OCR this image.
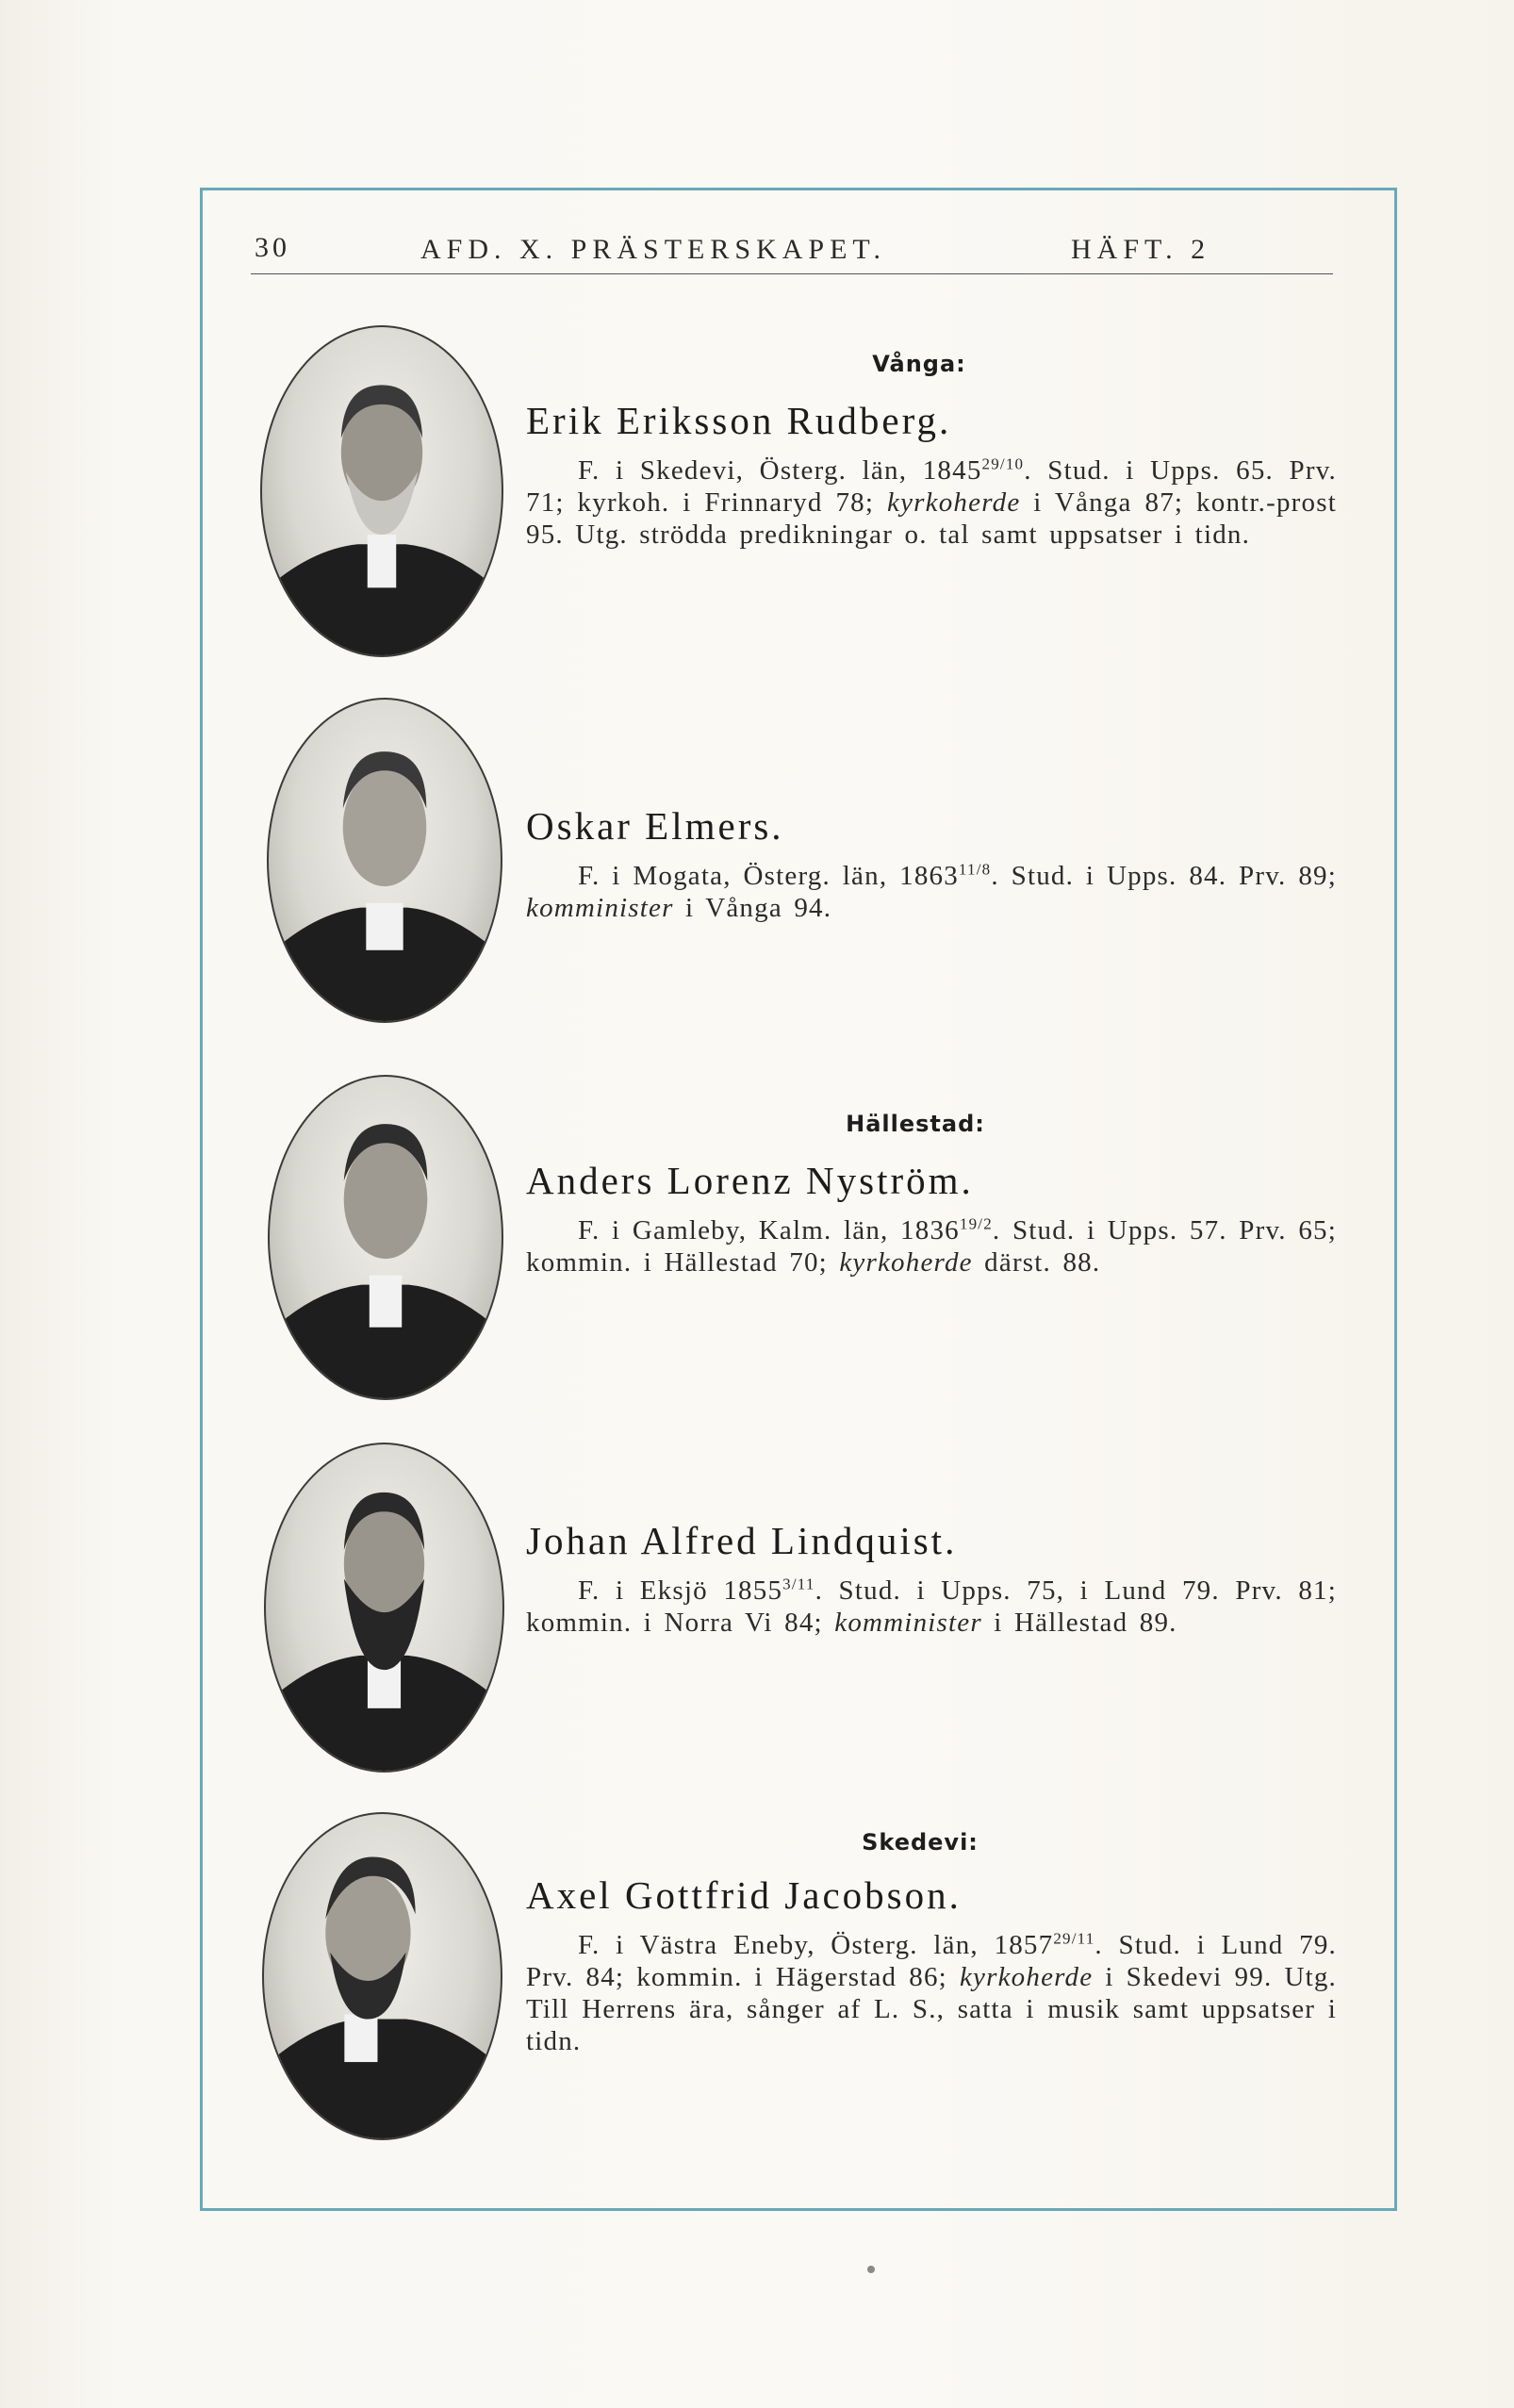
30	AFD. X. PRÄSTERSKAPET.	HÄFT. 2
Vånga:
Erik Eriksson Rudberg.

F. i Skedevi, Österg. län, $1845^{29/10}$. Stud. i Upps. 65. Prv. 71; kyrkoh. i Frinnaryd 78; kyrkoherde i Vånga 87; kontr.-prost 95. Utg. strödda predikningar o. tal samt uppsatser i tidn.

Oskar Elmers.

F. i Mogata, Österg. län, $1863^{11/8}$. Stud. i Upps. 84. Prv. 89; komminister i Vånga 94.

Hällestad:
Anders Lorenz Nyström.

F. i Gamleby, Kalm. län, $1836^{19/2}$. Stud. i Upps. 57. Prv. 65; kommin. i Hällestad 70; kyrkoherde därst. 88.

Johan Alfred Lindquist.

F. i Eksjö $1855^{3/11}$. Stud. i Upps. 75, i Lund 79. Prv. 81; kommin. i Norra Vi 84; komminister i Hällestad 89.

Skedevi:
Axel Gottfrid Jacobson.

F. i Västra Eneby, Österg. län, $1857^{29/11}$. Stud. i Lund 79. Prv. 84; kommin. i Hägerstad 86; kyrkoherde i Skedevi 99. Utg. Till Herrens ära, sånger af L. S., satta i musik samt uppsatser i tidn.
